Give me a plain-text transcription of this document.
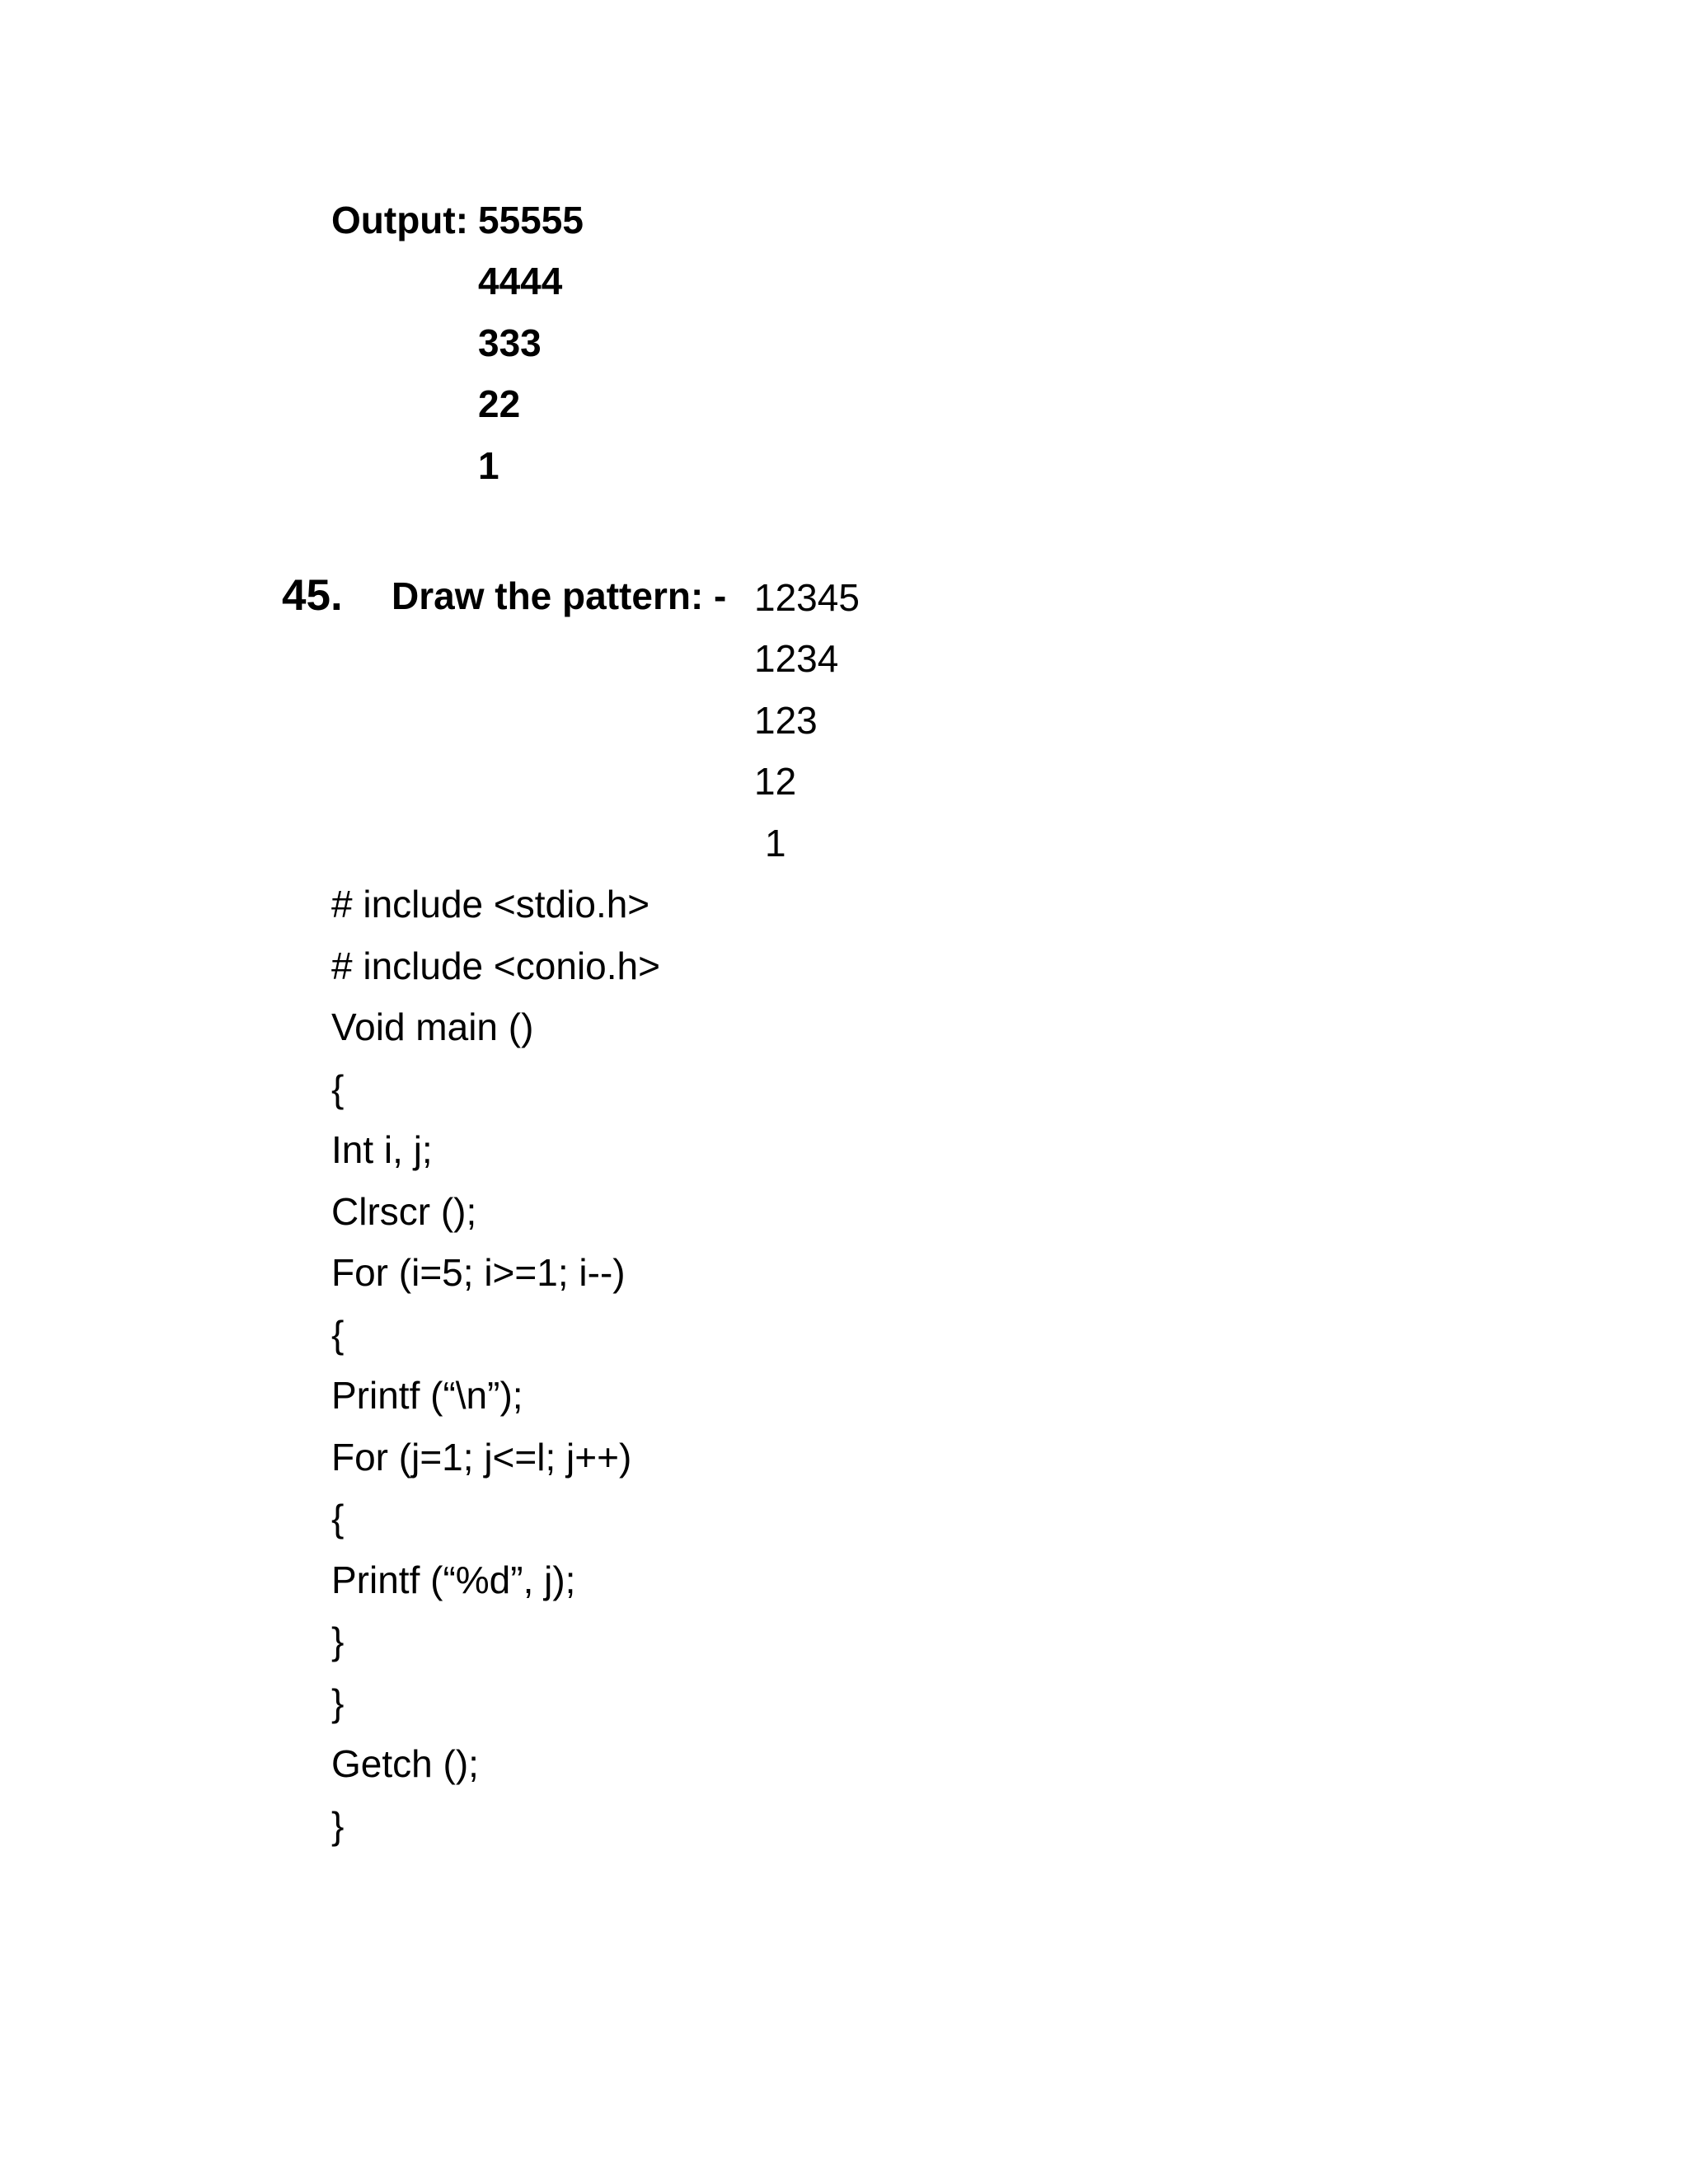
Output: 55555
4444
333
22
1
45. Draw the pattern: - 12345
1234
123
12
1
# include <stdio.h>
# include <conio.h>
Void main ()
{
Int i, j;
Clrscr ();
For (i=5; i>=1; i--)
{
Printf (“\n”);
For (j=1; j<=l; j++)
{
Printf (“%d”, j);
}
}
Getch ();
}
